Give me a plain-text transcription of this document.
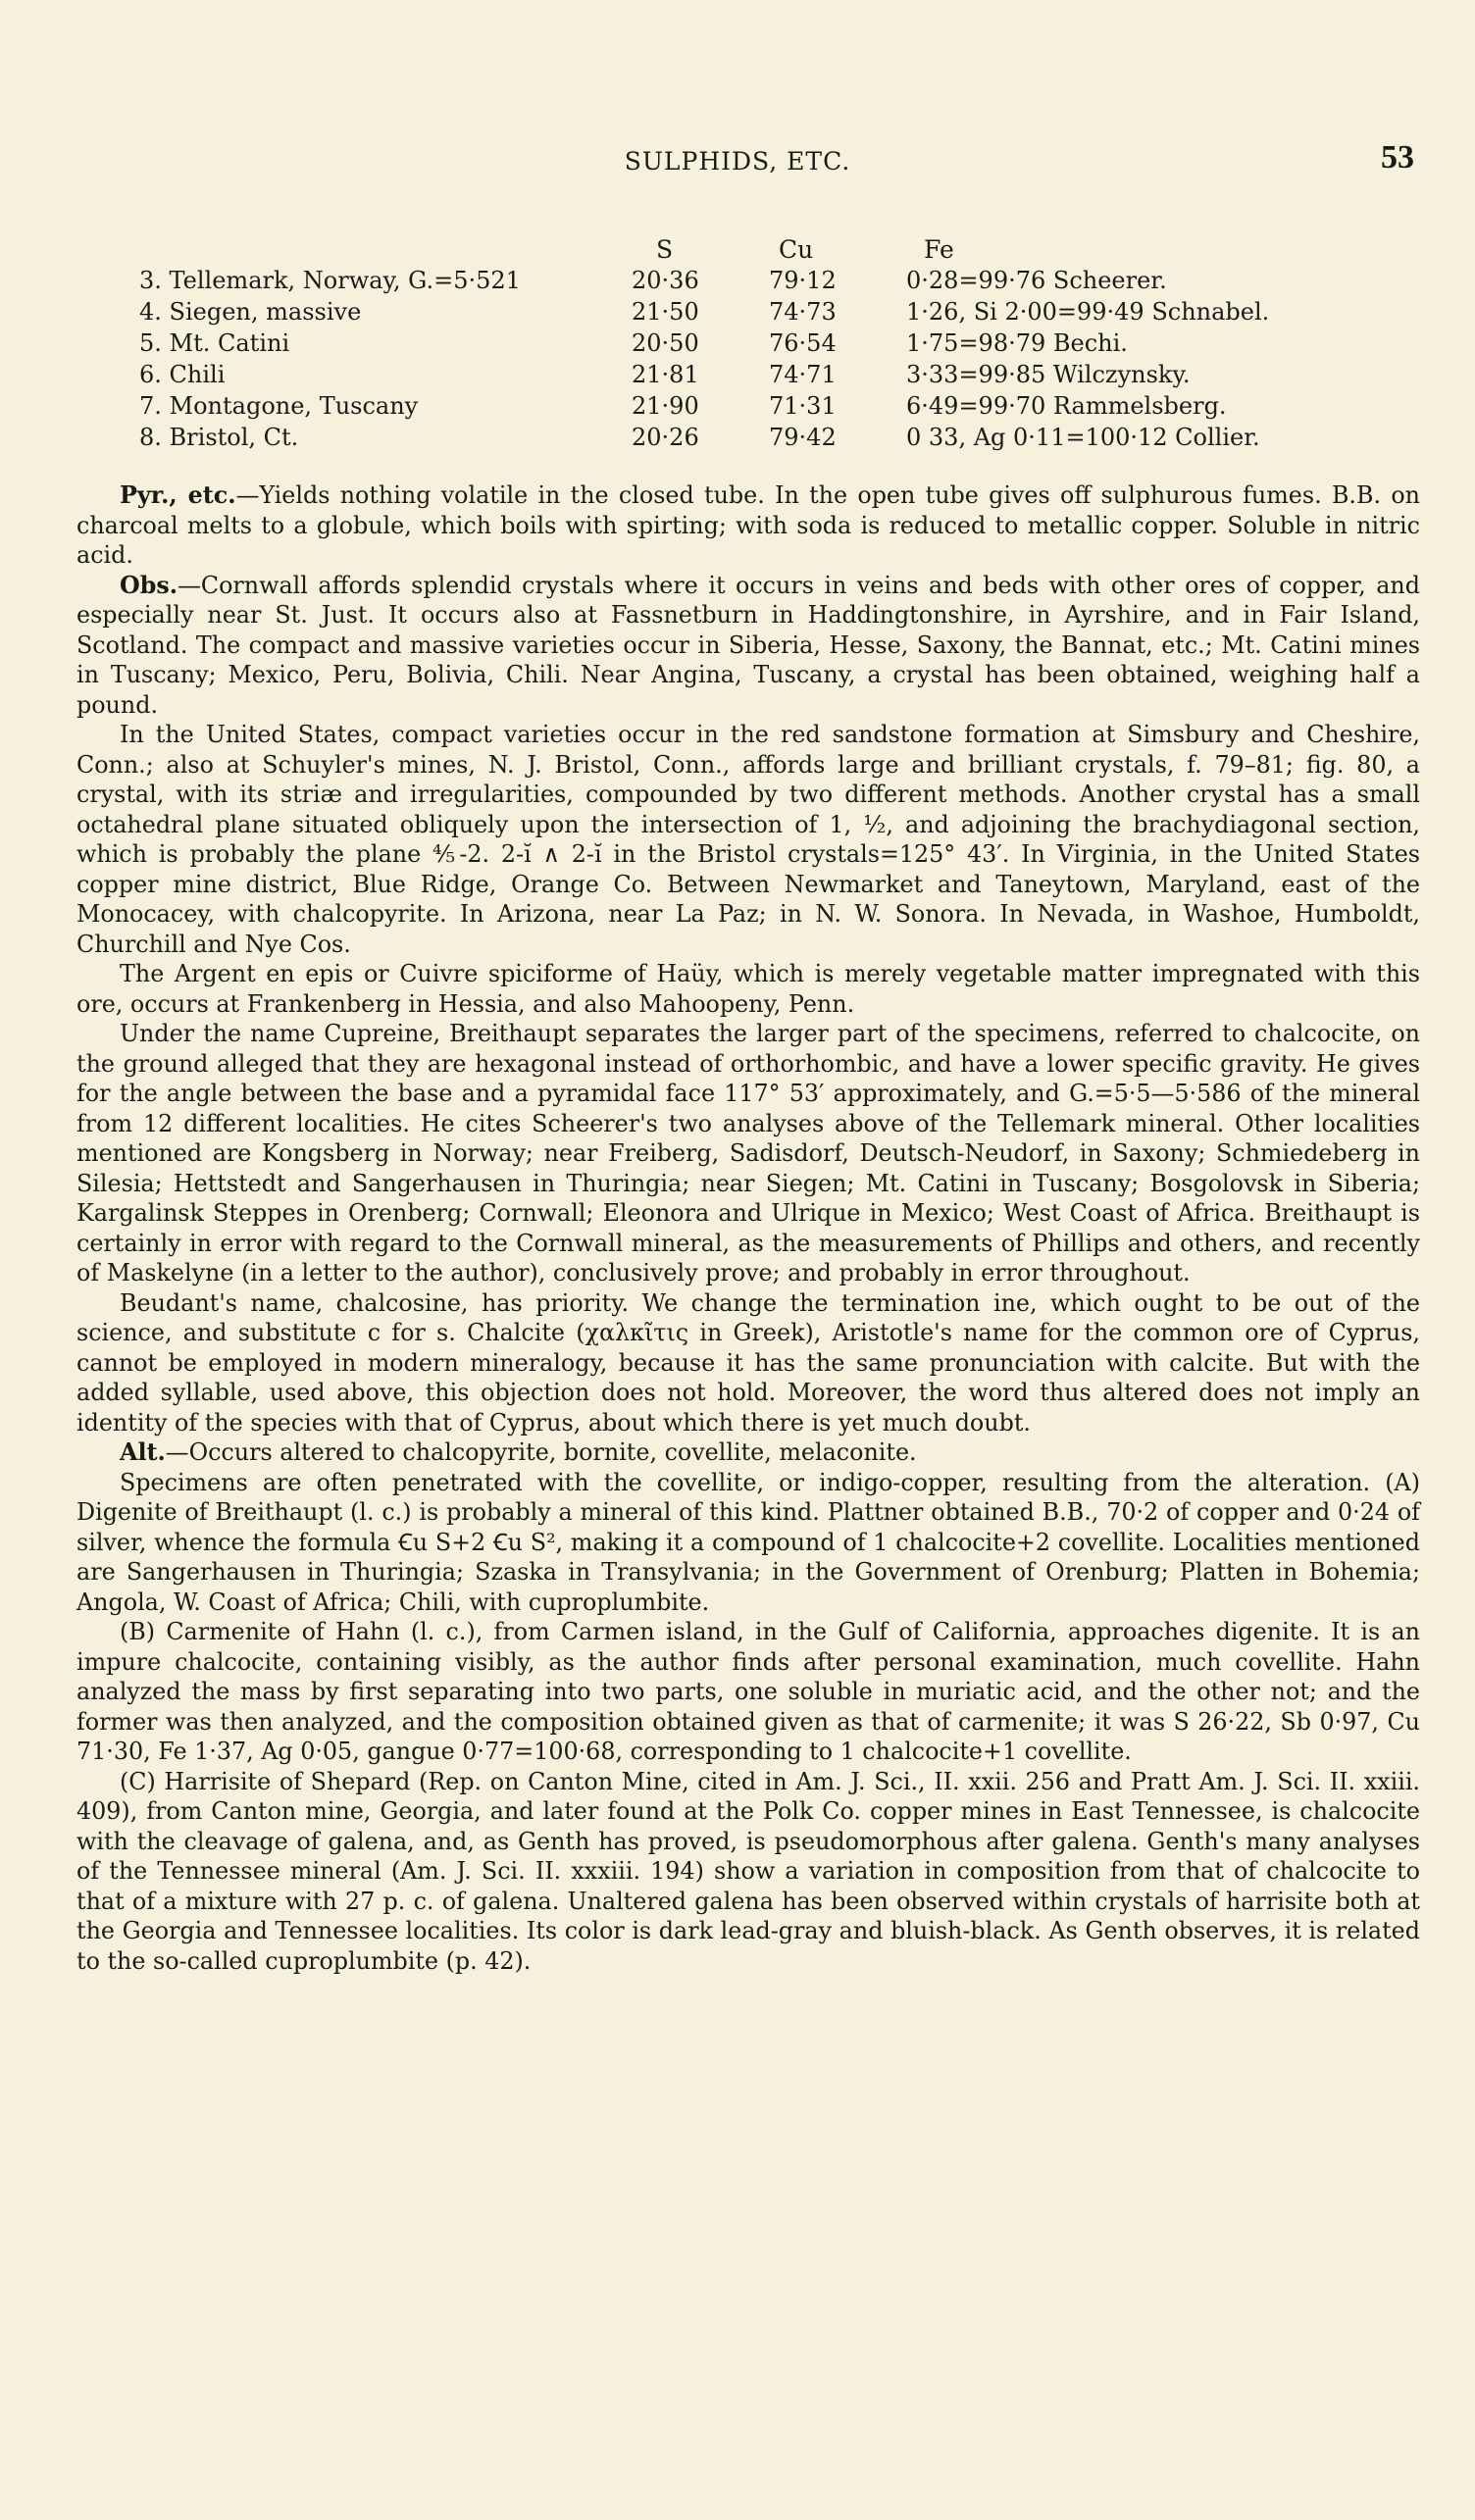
SULPHIDS, ETC.	53
S	Cu	Fe
3. Tellemark, Norway, G.=5·521	20·36	79·12	0·28=99·76 Scheerer.
4. Siegen, massive	21·50	74·73	1·26, Si 2·00=99·49 Schnabel.
5. Mt. Catini	20·50	76·54	1·75=98·79 Bechi.
6. Chili	21·81	74·71	3·33=99·85 Wilczynsky.
7. Montagone, Tuscany	21·90	71·31	6·49=99·70 Rammelsberg.
8. Bristol, Ct.	20·26	79·42	0 33, Ag 0·11=100·12 Collier.

Pyr., etc.—Yields nothing volatile in the closed tube. In the open tube gives off sulphurous fumes. B.B. on charcoal melts to a globule, which boils with spirting; with soda is reduced to metallic copper. Soluble in nitric acid.

Obs.—Cornwall affords splendid crystals where it occurs in veins and beds with other ores of copper, and especially near St. Just. It occurs also at Fassnetburn in Haddingtonshire, in Ayrshire, and in Fair Island, Scotland. The compact and massive varieties occur in Siberia, Hesse, Saxony, the Bannat, etc.; Mt. Catini mines in Tuscany; Mexico, Peru, Bolivia, Chili. Near Angina, Tuscany, a crystal has been obtained, weighing half a pound.

In the United States, compact varieties occur in the red sandstone formation at Simsbury and Cheshire, Conn.; also at Schuyler's mines, N. J. Bristol, Conn., affords large and brilliant crystals, f. 79–81; fig. 80, a crystal, with its striæ and irregularities, compounded by two different methods. Another crystal has a small octahedral plane situated obliquely upon the intersection of 1, ½, and adjoining the brachydiagonal section, which is probably the plane ⅘-2. 2-ĭ ∧ 2-ĭ in the Bristol crystals=125° 43′. In Virginia, in the United States copper mine district, Blue Ridge, Orange Co. Between Newmarket and Taneytown, Maryland, east of the Monocacey, with chalcopyrite. In Arizona, near La Paz; in N. W. Sonora. In Nevada, in Washoe, Humboldt, Churchill and Nye Cos.

The Argent en epis or Cuivre spiciforme of Haüy, which is merely vegetable matter impregnated with this ore, occurs at Frankenberg in Hessia, and also Mahoopeny, Penn.

Under the name Cupreine, Breithaupt separates the larger part of the specimens, referred to chalcocite, on the ground alleged that they are hexagonal instead of orthorhombic, and have a lower specific gravity. He gives for the angle between the base and a pyramidal face 117° 53′ approximately, and G.=5·5—5·586 of the mineral from 12 different localities. He cites Scheerer's two analyses above of the Tellemark mineral. Other localities mentioned are Kongsberg in Norway; near Freiberg, Sadisdorf, Deutsch-Neudorf, in Saxony; Schmiedeberg in Silesia; Hettstedt and Sangerhausen in Thuringia; near Siegen; Mt. Catini in Tuscany; Bosgolovsk in Siberia; Kargalinsk Steppes in Orenberg; Cornwall; Eleonora and Ulrique in Mexico; West Coast of Africa. Breithaupt is certainly in error with regard to the Cornwall mineral, as the measurements of Phillips and others, and recently of Maskelyne (in a letter to the author), conclusively prove; and probably in error throughout.

Beudant's name, chalcosine, has priority. We change the termination ine, which ought to be out of the science, and substitute c for s. Chalcite (χαλκῖτις in Greek), Aristotle's name for the common ore of Cyprus, cannot be employed in modern mineralogy, because it has the same pronunciation with calcite. But with the added syllable, used above, this objection does not hold. Moreover, the word thus altered does not imply an identity of the species with that of Cyprus, about which there is yet much doubt.

Alt.—Occurs altered to chalcopyrite, bornite, covellite, melaconite.

Specimens are often penetrated with the covellite, or indigo-copper, resulting from the alteration. (A) Digenite of Breithaupt (l. c.) is probably a mineral of this kind. Plattner obtained B.B., 70·2 of copper and 0·24 of silver, whence the formula Ꞓu S+2 Ꞓu S², making it a compound of 1 chalcocite+2 covellite. Localities mentioned are Sangerhausen in Thuringia; Szaska in Transylvania; in the Government of Orenburg; Platten in Bohemia; Angola, W. Coast of Africa; Chili, with cuproplumbite.

(B) Carmenite of Hahn (l. c.), from Carmen island, in the Gulf of California, approaches digenite. It is an impure chalcocite, containing visibly, as the author finds after personal examination, much covellite. Hahn analyzed the mass by first separating into two parts, one soluble in muriatic acid, and the other not; and the former was then analyzed, and the composition obtained given as that of carmenite; it was S 26·22, Sb 0·97, Cu 71·30, Fe 1·37, Ag 0·05, gangue 0·77=100·68, corresponding to 1 chalcocite+1 covellite.

(C) Harrisite of Shepard (Rep. on Canton Mine, cited in Am. J. Sci., II. xxii. 256 and Pratt Am. J. Sci. II. xxiii. 409), from Canton mine, Georgia, and later found at the Polk Co. copper mines in East Tennessee, is chalcocite with the cleavage of galena, and, as Genth has proved, is pseudomorphous after galena. Genth's many analyses of the Tennessee mineral (Am. J. Sci. II. xxxiii. 194) show a variation in composition from that of chalcocite to that of a mixture with 27 p. c. of galena. Unaltered galena has been observed within crystals of harrisite both at the Georgia and Tennessee localities. Its color is dark lead-gray and bluish-black. As Genth observes, it is related to the so-called cuproplumbite (p. 42).
